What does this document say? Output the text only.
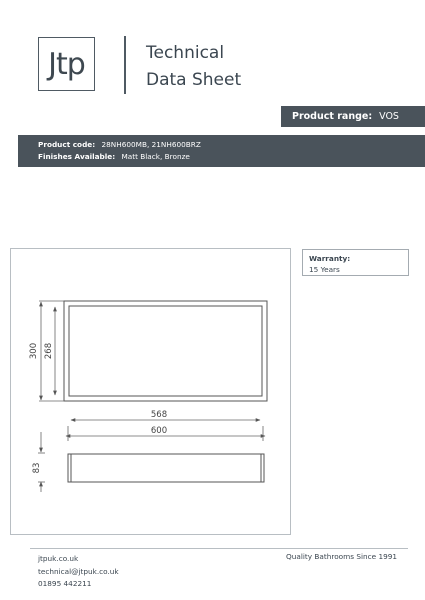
Jtp	Technical
Data Sheet
Product range: VOS
Product code: 28NH600MB, 21NH600BRZ
Finishes Available: Matt Black, Bronze
300 268
568
600
83
Warranty:
15 Years
jtpuk.co.uk
technical@jtpuk.co.uk
01895 442211
Quality Bathrooms Since 1991
